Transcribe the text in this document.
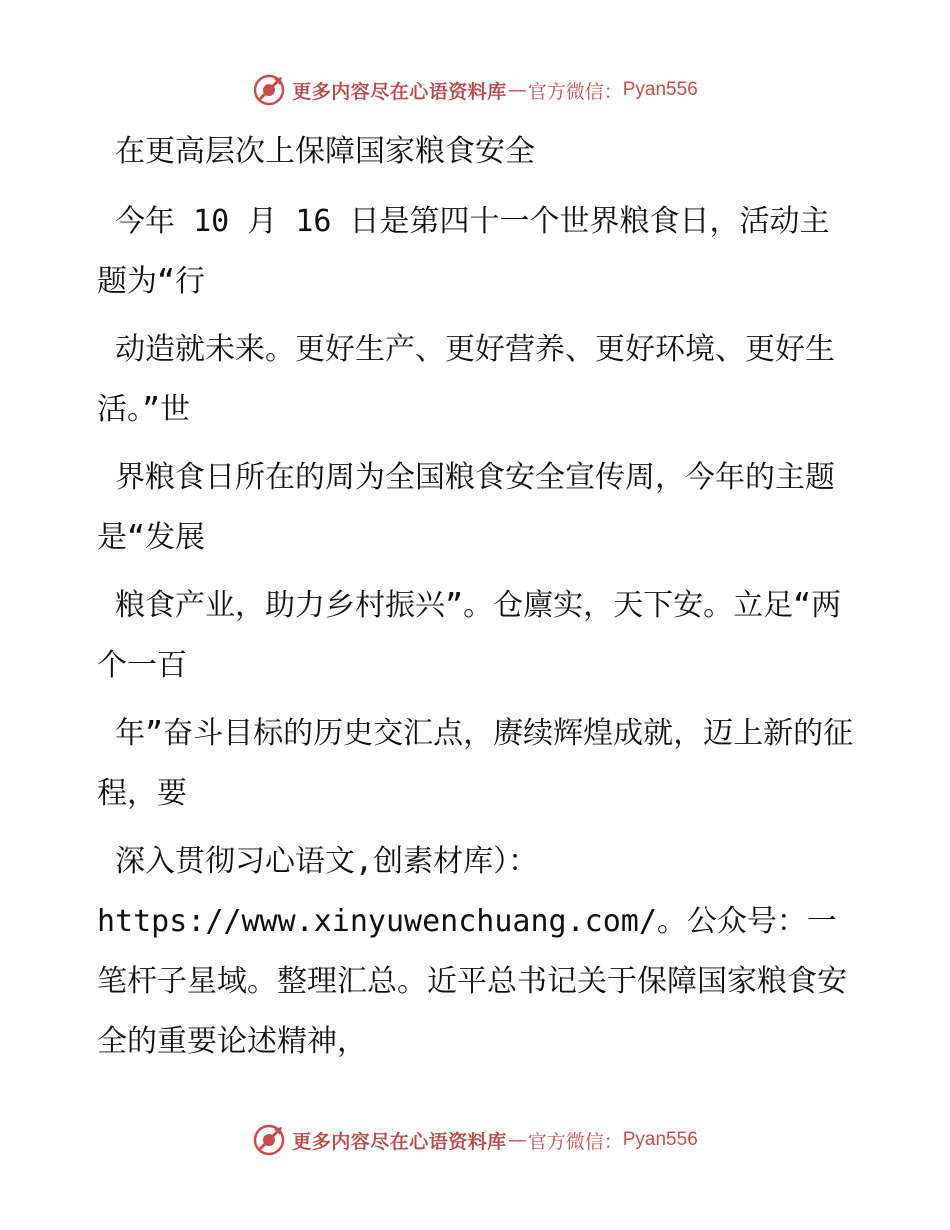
更多内容尽在心语资料库 — 官方微信： Pyan556

在更高层次上保障国家粮食安全

今年 10 月 16 日是第四十一个世界粮食日，活动主题为“行

动造就未来。更好生产、更好营养、更好环境、更好生活。”世

界粮食日所在的周为全国粮食安全宣传周，今年的主题是“发展

粮食产业，助力乡村振兴”。仓廪实，天下安。立足“两个一百

年”奋斗目标的历史交汇点，赓续辉煌成就，迈上新的征程，要

深入贯彻习心语文,创素材库）：https://www.xinyuwenchuang.com/。公众号：一笔杆子星域。整理汇总。近平总书记关于保障国家粮食安全的重要论述精神，

更多内容尽在心语资料库 — 官方微信： Pyan556
